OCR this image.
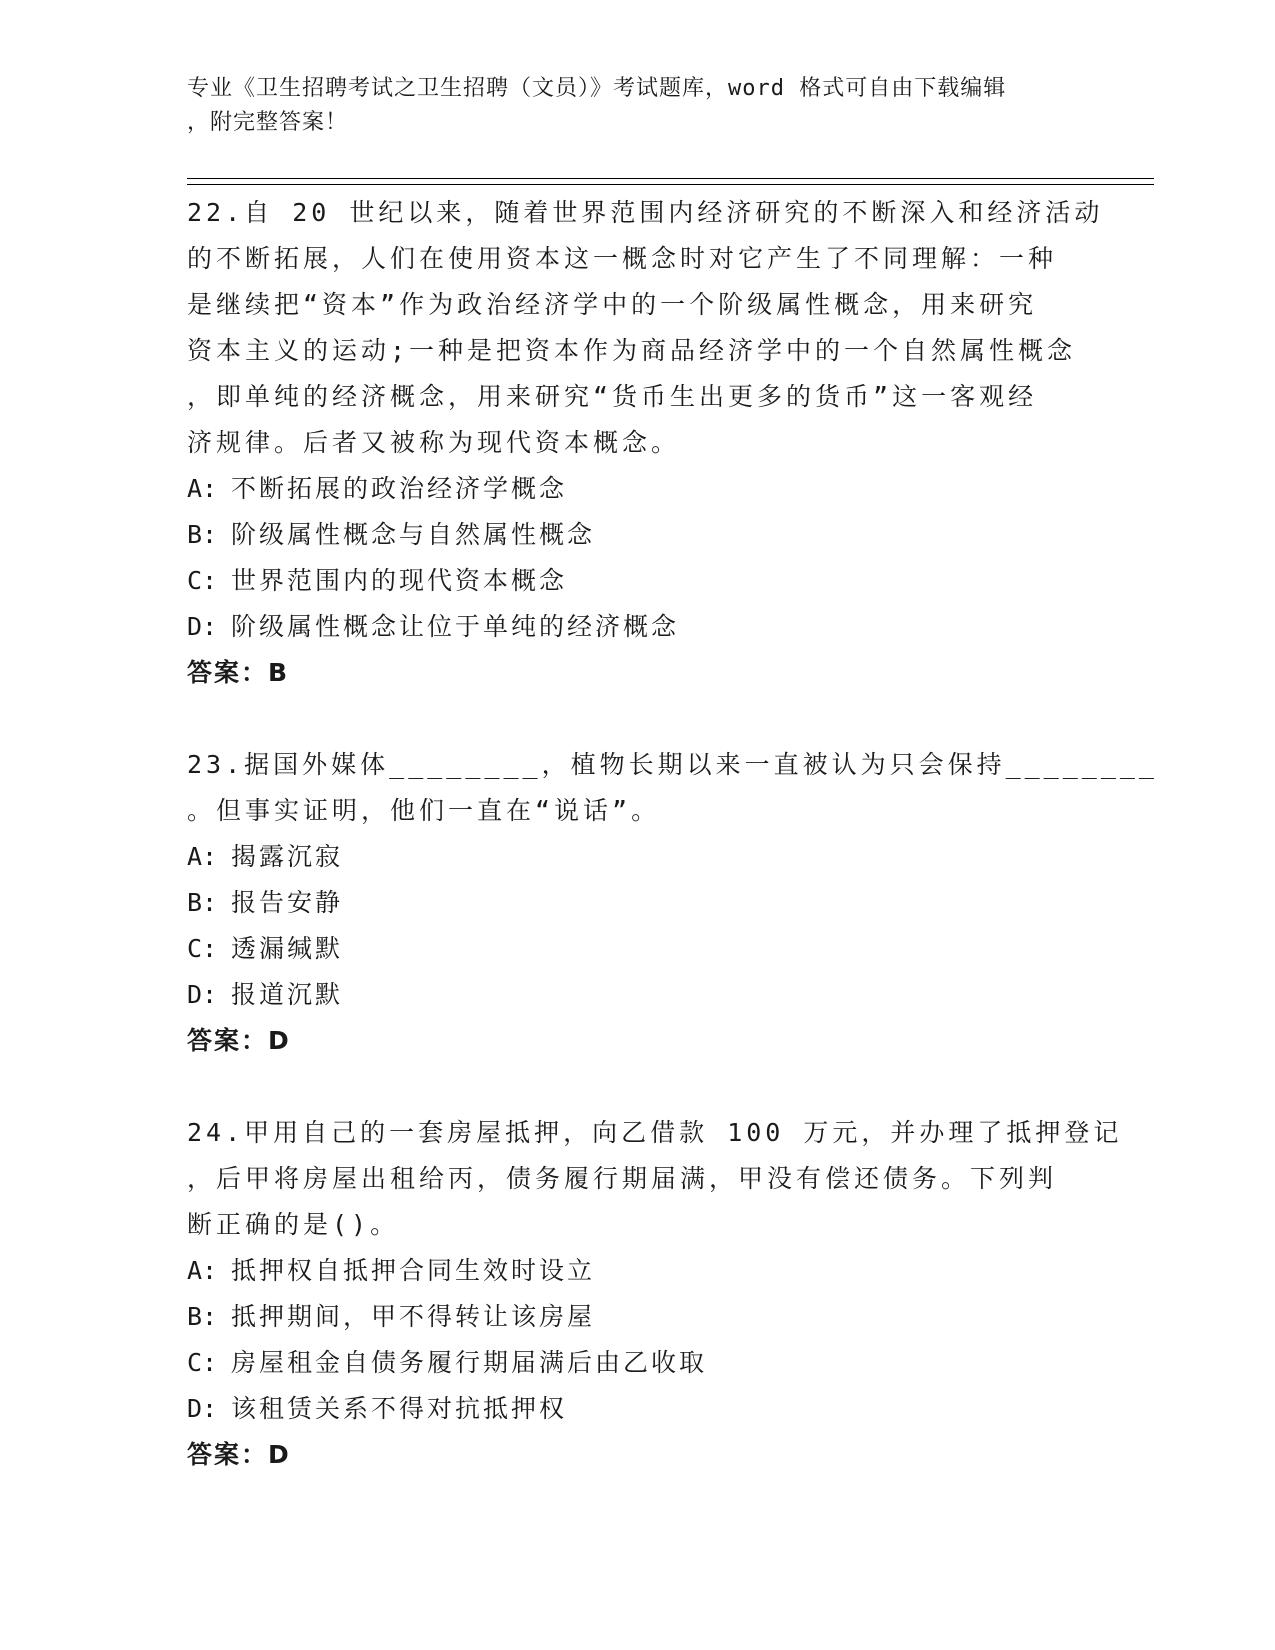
专业《卫生招聘考试之卫生招聘（文员）》考试题库，word 格式可自由下载编辑

，附完整答案！

22.自 20 世纪以来，随着世界范围内经济研究的不断深入和经济活动
的不断拓展，人们在使用资本这一概念时对它产生了不同理解：一种
是继续把“资本”作为政治经济学中的一个阶级属性概念，用来研究
资本主义的运动;一种是把资本作为商品经济学中的一个自然属性概念
，即单纯的经济概念，用来研究“货币生出更多的货币”这一客观经
济规律。后者又被称为现代资本概念。

A: 不断拓展的政治经济学概念

B: 阶级属性概念与自然属性概念

C: 世界范围内的现代资本概念

D: 阶级属性概念让位于单纯的经济概念

答案：B

23.据国外媒体________，植物长期以来一直被认为只会保持________
。但事实证明，他们一直在“说话”。

A: 揭露沉寂

B: 报告安静

C: 透漏缄默

D: 报道沉默

答案：D

24.甲用自己的一套房屋抵押，向乙借款 100 万元，并办理了抵押登记
，后甲将房屋出租给丙，债务履行期届满，甲没有偿还债务。下列判
断正确的是()。

A: 抵押权自抵押合同生效时设立

B: 抵押期间，甲不得转让该房屋

C: 房屋租金自债务履行期届满后由乙收取

D: 该租赁关系不得对抗抵押权

答案：D
